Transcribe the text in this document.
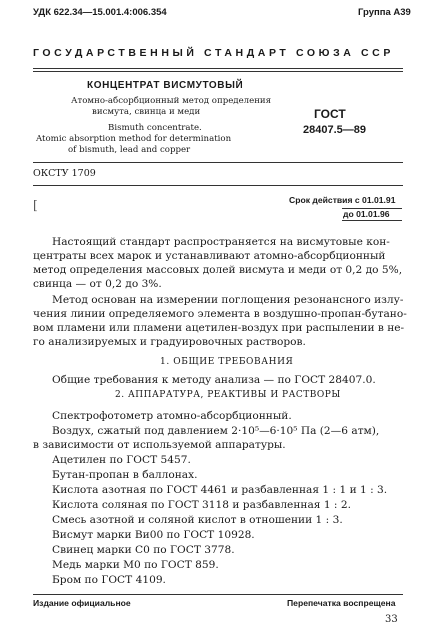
УДК 622.34—15.001.4:006.354	Группа А39
ГОСУДАРСТВЕННЫЙ СТАНДАРТ СОЮЗА ССР
КОНЦЕНТРАТ ВИСМУТОВЫЙ
Атомно-абсорбционный метод определения
висмута, свинца и меди
Bismuth concentrate.
Atomic absorption method for determination
of bismuth, lead and copper
ГОСТ
28407.5—89
ОКСТУ 1709
[	Срок действия с 01.01.91
до 01.01.96
Настоящий стандарт распространяется на висмутовые кон-
центраты всех марок и устанавливают атомно-абсорбционный
метод определения массовых долей висмута и меди от 0,2 до 5%,
свинца — от 0,2 до 3%.
Метод основан на измерении поглощения резонансного излу-
чения линии определяемого элемента в воздушно-пропан-бутано-
вом пламени или пламени ацетилен-воздух при распылении в не-
го анализируемых и градуировочных растворов.
1. ОБЩИЕ ТРЕБОВАНИЯ
Общие требования к методу анализа — по ГОСТ 28407.0.
2. АППАРАТУРА, РЕАКТИВЫ И РАСТВОРЫ
Спектрофотометр атомно-абсорбционный.
Воздух, сжатый под давлением 2·10⁵—6·10⁵ Па (2—6 атм),
в зависимости от используемой аппаратуры.
Ацетилен по ГОСТ 5457.
Бутан-пропан в баллонах.
Кислота азотная по ГОСТ 4461 и разбавленная 1 : 1 и 1 : 3.
Кислота соляная по ГОСТ 3118 и разбавленная 1 : 2.
Смесь азотной и соляной кислот в отношении 1 : 3.
Висмут марки Ви00 по ГОСТ 10928.
Свинец марки С0 по ГОСТ 3778.
Медь марки М0 по ГОСТ 859.
Бром по ГОСТ 4109.
Издание официальное	Перепечатка воспрещена
33
